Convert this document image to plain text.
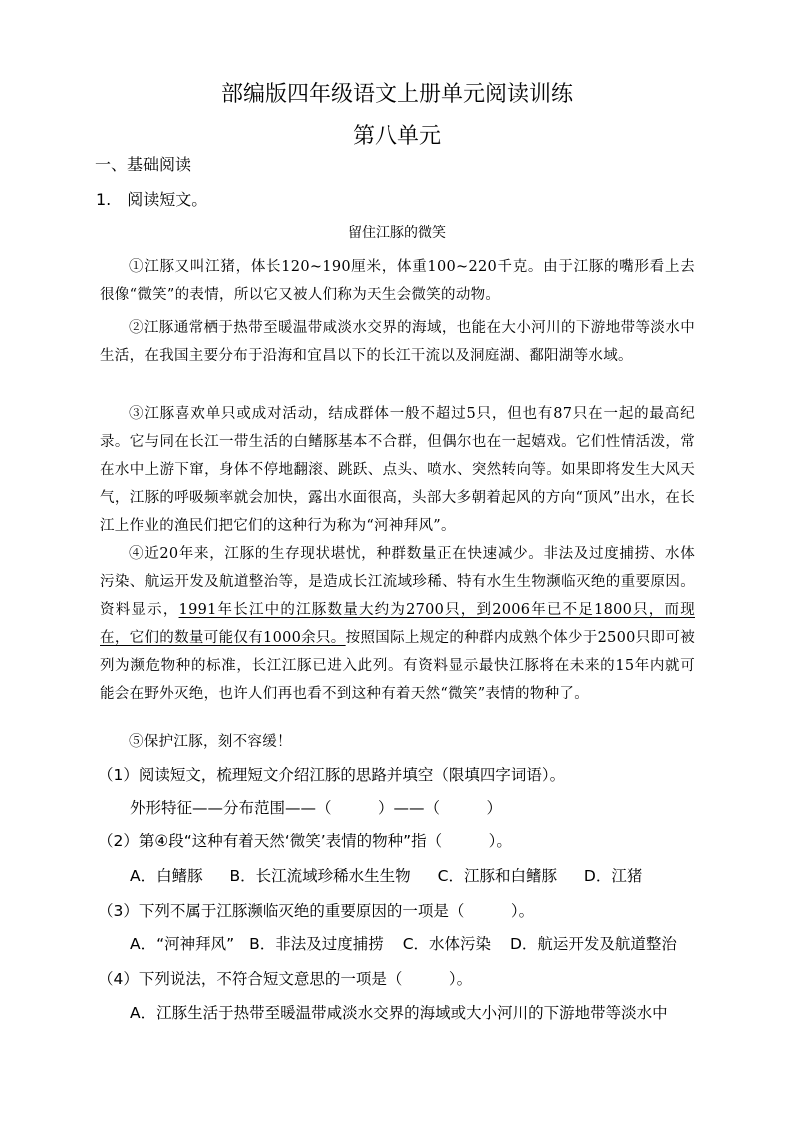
部编版四年级语文上册单元阅读训练
第八单元
一、基础阅读
1.　阅读短文。
留住江豚的微笑
①江豚又叫江猪，体长120~190厘米，体重100~220千克。由于江豚的嘴形看上去很像“微笑”的表情，所以它又被人们称为天生会微笑的动物。
②江豚通常栖于热带至暖温带咸淡水交界的海域，也能在大小河川的下游地带等淡水中生活，在我国主要分布于沿海和宜昌以下的长江干流以及洞庭湖、鄱阳湖等水域。
③江豚喜欢单只或成对活动，结成群体一般不超过5只，但也有87只在一起的最高纪录。它与同在长江一带生活的白鳍豚基本不合群，但偶尔也在一起嬉戏。它们性情活泼，常在水中上游下窜，身体不停地翻滚、跳跃、点头、喷水、突然转向等。如果即将发生大风天气，江豚的呼吸频率就会加快，露出水面很高，头部大多朝着起风的方向“顶风”出水，在长江上作业的渔民们把它们的这种行为称为“河神拜风”。
④近20年来，江豚的生存现状堪忧，种群数量正在快速减少。非法及过度捕捞、水体污染、航运开发及航道整治等，是造成长江流域珍稀、特有水生生物濒临灭绝的重要原因。资料显示，1991年长江中的江豚数量大约为2700只，到2006年已不足1800只，而现在，它们的数量可能仅有1000余只。按照国际上规定的种群内成熟个体少于2500只即可被列为濒危物种的标准，长江江豚已进入此列。有资料显示最快江豚将在未来的15年内就可能会在野外灭绝，也许人们再也看不到这种有着天然“微笑”表情的物种了。
⑤保护江豚，刻不容缓！
（1）阅读短文，梳理短文介绍江豚的思路并填空（限填四字词语）。
外形特征——分布范围——（　　　）——（　　　）
（2）第④段“这种有着天然‘微笑’表情的物种”指（　　　）。
A．白鳍豚 B．长江流域珍稀水生生物 C．江豚和白鳍豚 D．江猪
（3）下列不属于江豚濒临灭绝的重要原因的一项是（　　　）。
A．“河神拜风” B．非法及过度捕捞 C．水体污染 D．航运开发及航道整治
（4）下列说法，不符合短文意思的一项是（　　　）。
A．江豚生活于热带至暖温带咸淡水交界的海域或大小河川的下游地带等淡水中
